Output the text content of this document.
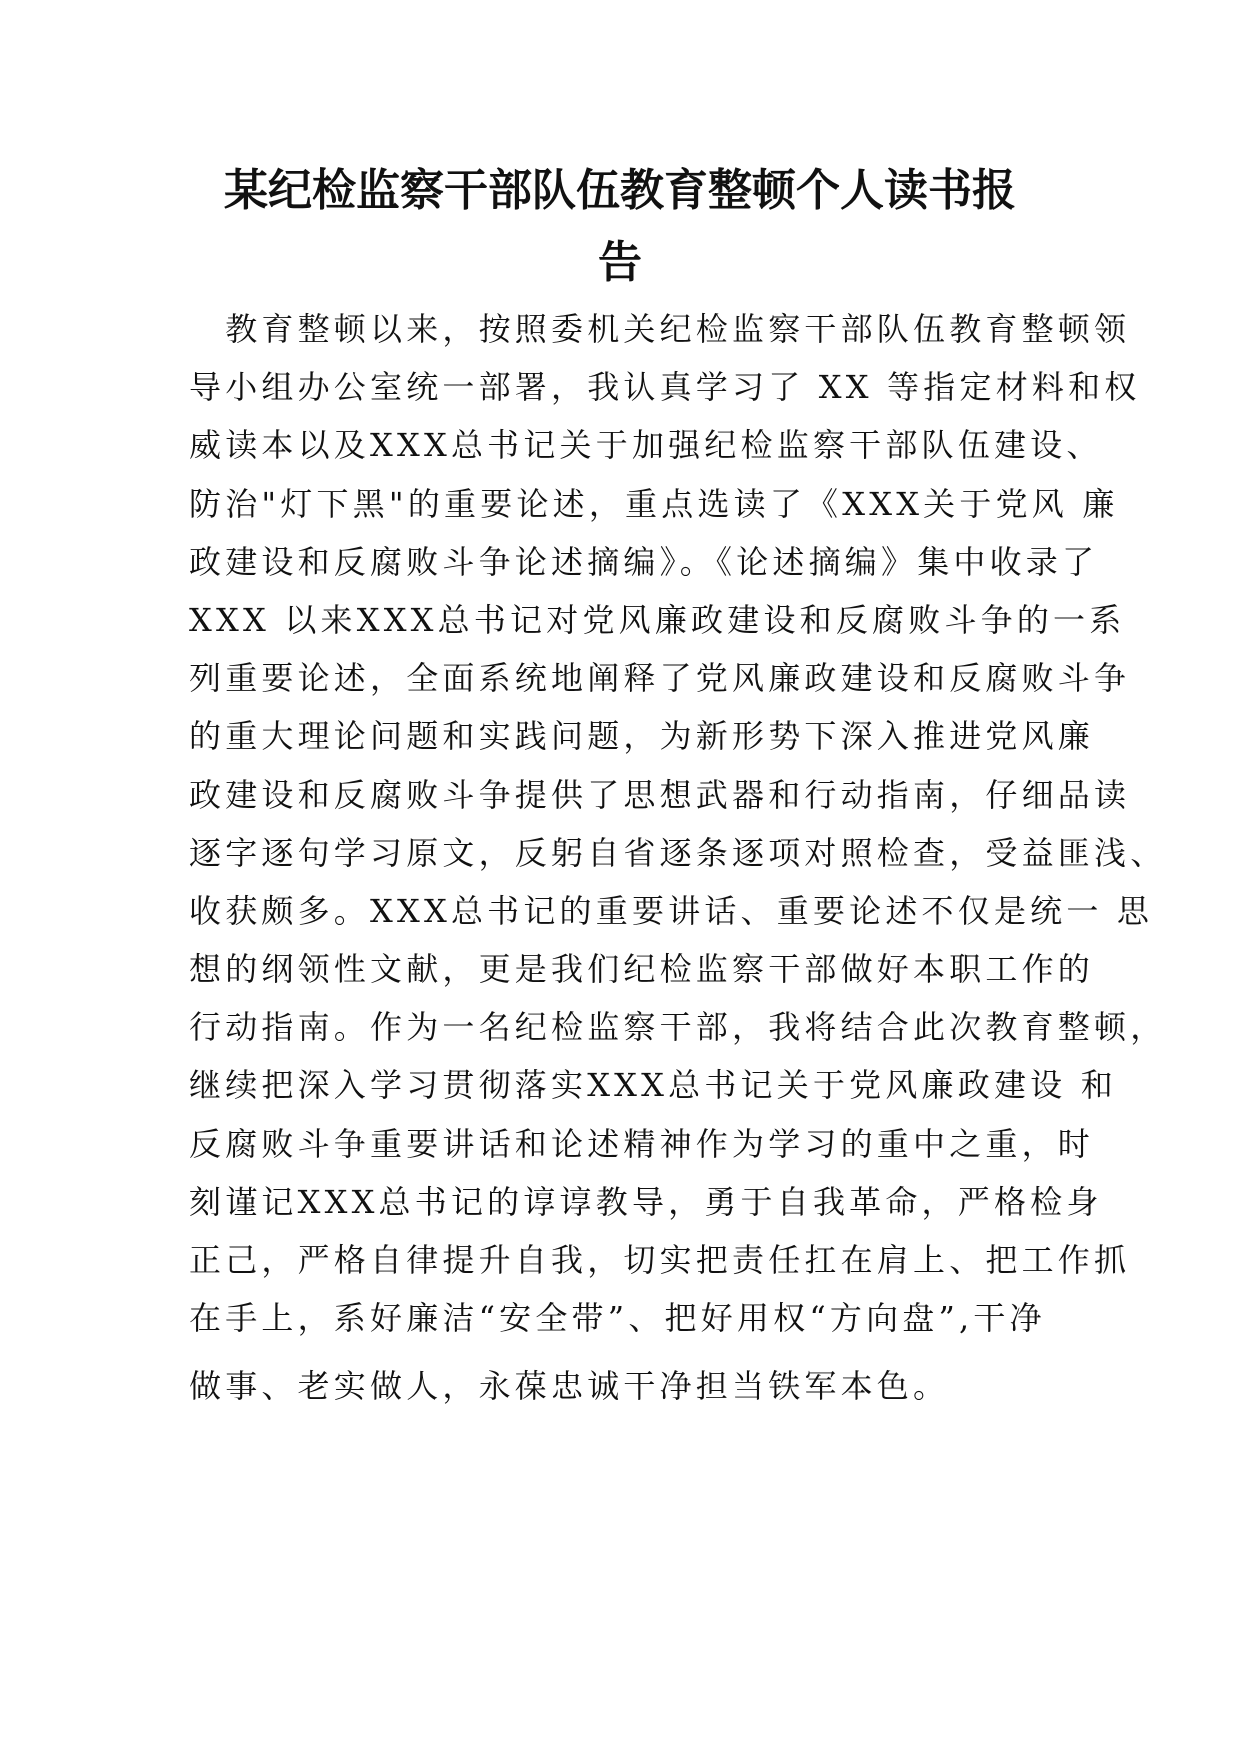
某纪检监察干部队伍教育整顿个人读书报
告
　教育整顿以来，按照委机关纪检监察干部队伍教育整顿领
导小组办公室统一部署，我认真学习了 XX 等指定材料和权
威读本以及XXX总书记关于加强纪检监察干部队伍建设、
防治"灯下黑"的重要论述，重点选读了《XXX关于党风 廉
政建设和反腐败斗争论述摘编》。《论述摘编》集中收录了
XXX 以来XXX总书记对党风廉政建设和反腐败斗争的一系
列重要论述，全面系统地阐释了党风廉政建设和反腐败斗争
的重大理论问题和实践问题，为新形势下深入推进党风廉
政建设和反腐败斗争提供了思想武器和行动指南，仔细品读
逐字逐句学习原文，反躬自省逐条逐项对照检查，受益匪浅、
收获颇多。XXX总书记的重要讲话、重要论述不仅是统一 思
想的纲领性文献，更是我们纪检监察干部做好本职工作的
行动指南。作为一名纪检监察干部，我将结合此次教育整顿，
继续把深入学习贯彻落实XXX总书记关于党风廉政建设 和
反腐败斗争重要讲话和论述精神作为学习的重中之重，时
刻谨记XXX总书记的谆谆教导，勇于自我革命，严格检身
正己，严格自律提升自我，切实把责任扛在肩上、把工作抓
在手上，系好廉洁“安全带”、把好用权“方向盘”,干净
做事、老实做人，永葆忠诚干净担当铁军本色。
